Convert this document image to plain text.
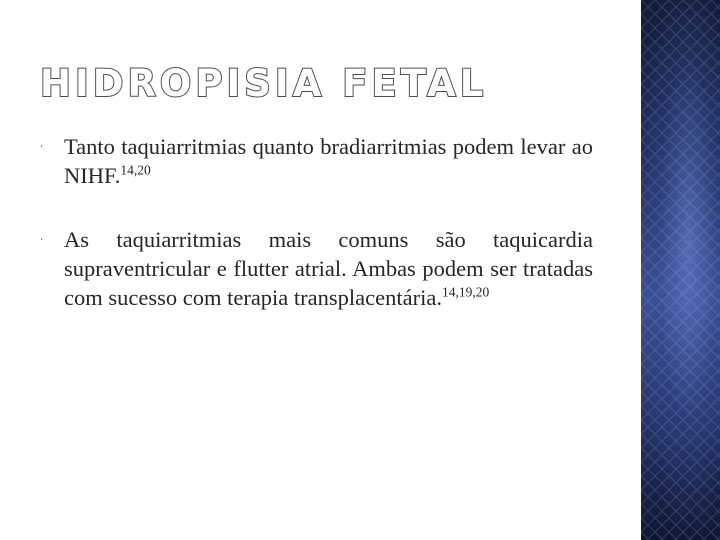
HIDROPISIA FETAL
∙ Tanto taquiarritmias quanto bradiarritmias podem levar ao NIHF.$^{14,20}$
∙ As taquiarritmias mais comuns são taquicardia supraventricular e flutter atrial. Ambas podem ser tratadas com sucesso com terapia transplacentária.$^{14,19,20}$
